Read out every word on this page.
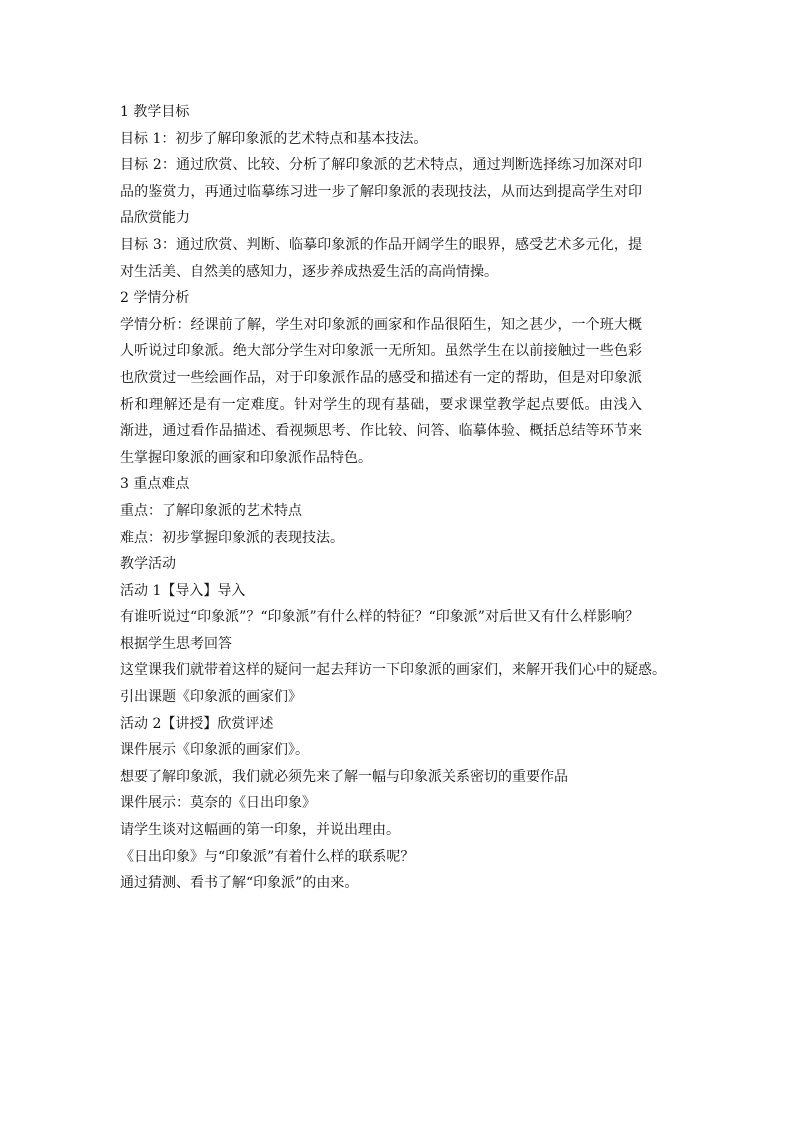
1 教学目标
目标 1：初步了解印象派的艺术特点和基本技法。
目标 2：通过欣赏、比较、分析了解印象派的艺术特点，通过判断选择练习加深对印
品的鉴赏力，再通过临摹练习进一步了解印象派的表现技法，从而达到提高学生对印
品欣赏能力
目标 3：通过欣赏、判断、临摹印象派的作品开阔学生的眼界，感受艺术多元化，提
对生活美、自然美的感知力，逐步养成热爱生活的高尚情操。
2 学情分析
学情分析：经课前了解，学生对印象派的画家和作品很陌生，知之甚少，一个班大概
人听说过印象派。绝大部分学生对印象派一无所知。虽然学生在以前接触过一些色彩
也欣赏过一些绘画作品，对于印象派作品的感受和描述有一定的帮助，但是对印象派
析和理解还是有一定难度。针对学生的现有基础，要求课堂教学起点要低。由浅入
渐进，通过看作品描述、看视频思考、作比较、问答、临摹体验、概括总结等环节来
生掌握印象派的画家和印象派作品特色。
3 重点难点
重点：了解印象派的艺术特点
难点：初步掌握印象派的表现技法。
教学活动
活动 1【导入】导入
有谁听说过“印象派”？“印象派”有什么样的特征？“印象派”对后世又有什么样影响？
根据学生思考回答
这堂课我们就带着这样的疑问一起去拜访一下印象派的画家们，来解开我们心中的疑惑。
引出课题《印象派的画家们》
活动 2【讲授】欣赏评述
课件展示《印象派的画家们》。
想要了解印象派，我们就必须先来了解一幅与印象派关系密切的重要作品
课件展示：莫奈的《日出印象》
请学生谈对这幅画的第一印象，并说出理由。
《日出印象》与“印象派”有着什么样的联系呢？
通过猜测、看书了解“印象派”的由来。
